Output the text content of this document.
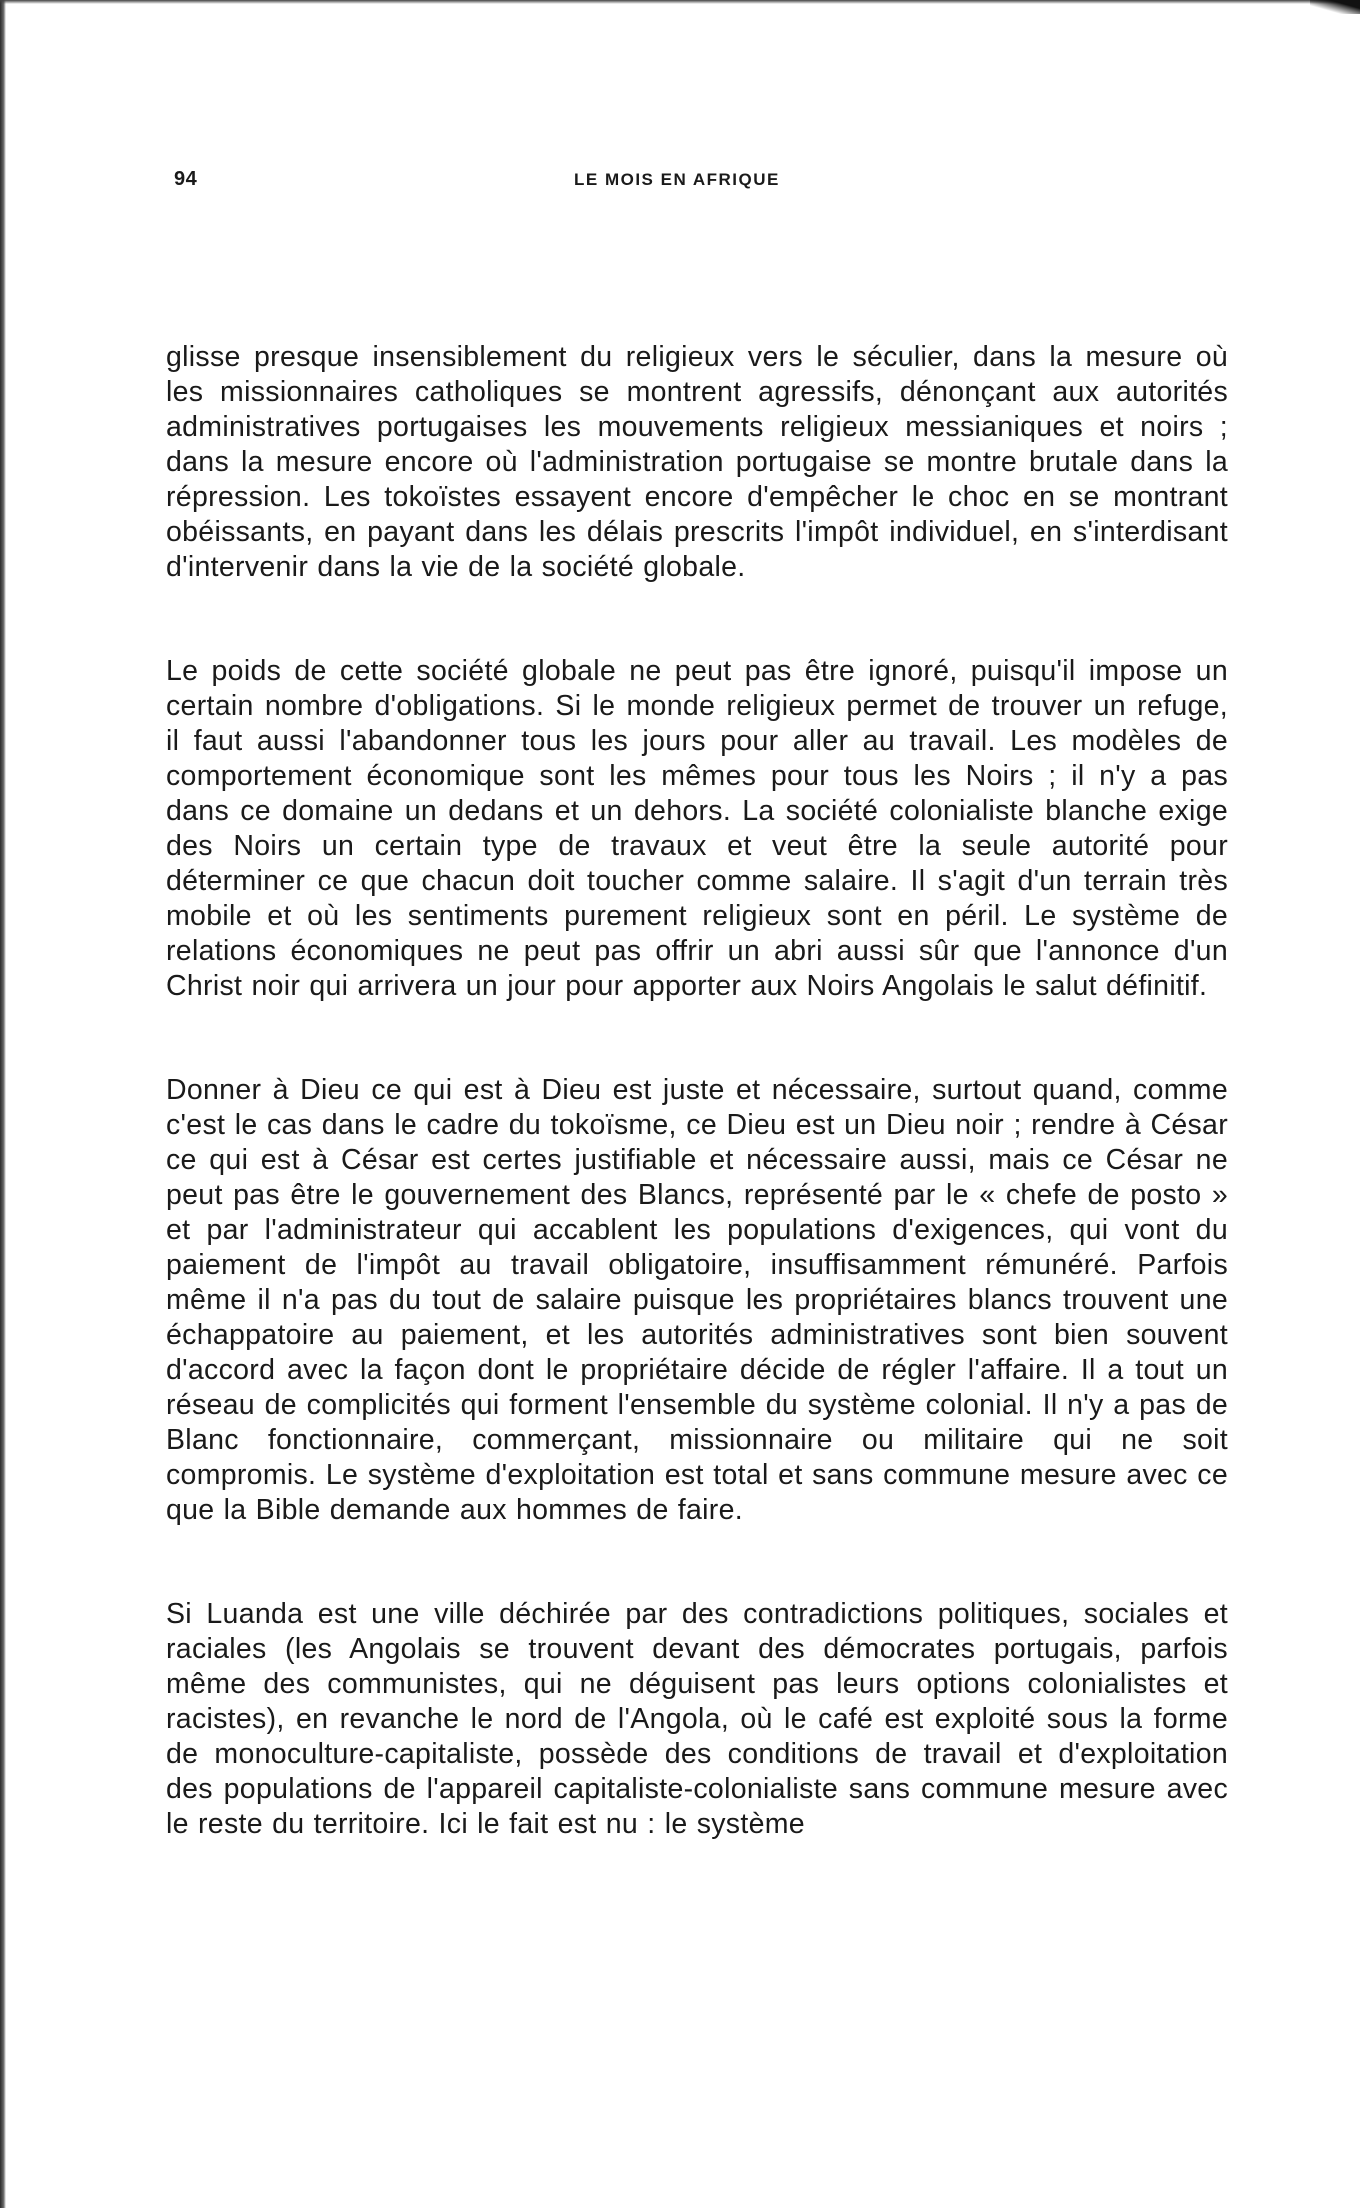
94	LE MOIS EN AFRIQUE

glisse presque insensiblement du religieux vers le séculier, dans la mesure où les missionnaires catholiques se montrent agressifs, dénonçant aux autorités administratives portugaises les mouvements religieux messianiques et noirs ; dans la mesure encore où l'administration portugaise se montre brutale dans la répression. Les tokoïstes essayent encore d'empêcher le choc en se montrant obéissants, en payant dans les délais prescrits l'impôt individuel, en s'interdisant d'intervenir dans la vie de la société globale.

Le poids de cette société globale ne peut pas être ignoré, puisqu'il impose un certain nombre d'obligations. Si le monde religieux permet de trouver un refuge, il faut aussi l'abandonner tous les jours pour aller au travail. Les modèles de comportement économique sont les mêmes pour tous les Noirs ; il n'y a pas dans ce domaine un dedans et un dehors. La société colonialiste blanche exige des Noirs un certain type de travaux et veut être la seule autorité pour déterminer ce que chacun doit toucher comme salaire. Il s'agit d'un terrain très mobile et où les sentiments purement religieux sont en péril. Le système de relations économiques ne peut pas offrir un abri aussi sûr que l'annonce d'un Christ noir qui arrivera un jour pour apporter aux Noirs Angolais le salut définitif.

Donner à Dieu ce qui est à Dieu est juste et nécessaire, surtout quand, comme c'est le cas dans le cadre du tokoïsme, ce Dieu est un Dieu noir ; rendre à César ce qui est à César est certes justifiable et nécessaire aussi, mais ce César ne peut pas être le gouvernement des Blancs, représenté par le « chefe de posto » et par l'administrateur qui accablent les populations d'exigences, qui vont du paiement de l'impôt au travail obligatoire, insuffisamment rémunéré. Parfois même il n'a pas du tout de salaire puisque les propriétaires blancs trouvent une échappatoire au paiement, et les autorités administratives sont bien souvent d'accord avec la façon dont le propriétaire décide de régler l'affaire. Il a tout un réseau de complicités qui forment l'ensemble du système colonial. Il n'y a pas de Blanc fonctionnaire, commerçant, missionnaire ou militaire qui ne soit compromis. Le système d'exploitation est total et sans commune mesure avec ce que la Bible demande aux hommes de faire.

Si Luanda est une ville déchirée par des contradictions politiques, sociales et raciales (les Angolais se trouvent devant des démocrates portugais, parfois même des communistes, qui ne déguisent pas leurs options colonialistes et racistes), en revanche le nord de l'Angola, où le café est exploité sous la forme de monoculture-capitaliste, possède des conditions de travail et d'exploitation des populations de l'appareil capitaliste-colonialiste sans commune mesure avec le reste du territoire. Ici le fait est nu : le système
